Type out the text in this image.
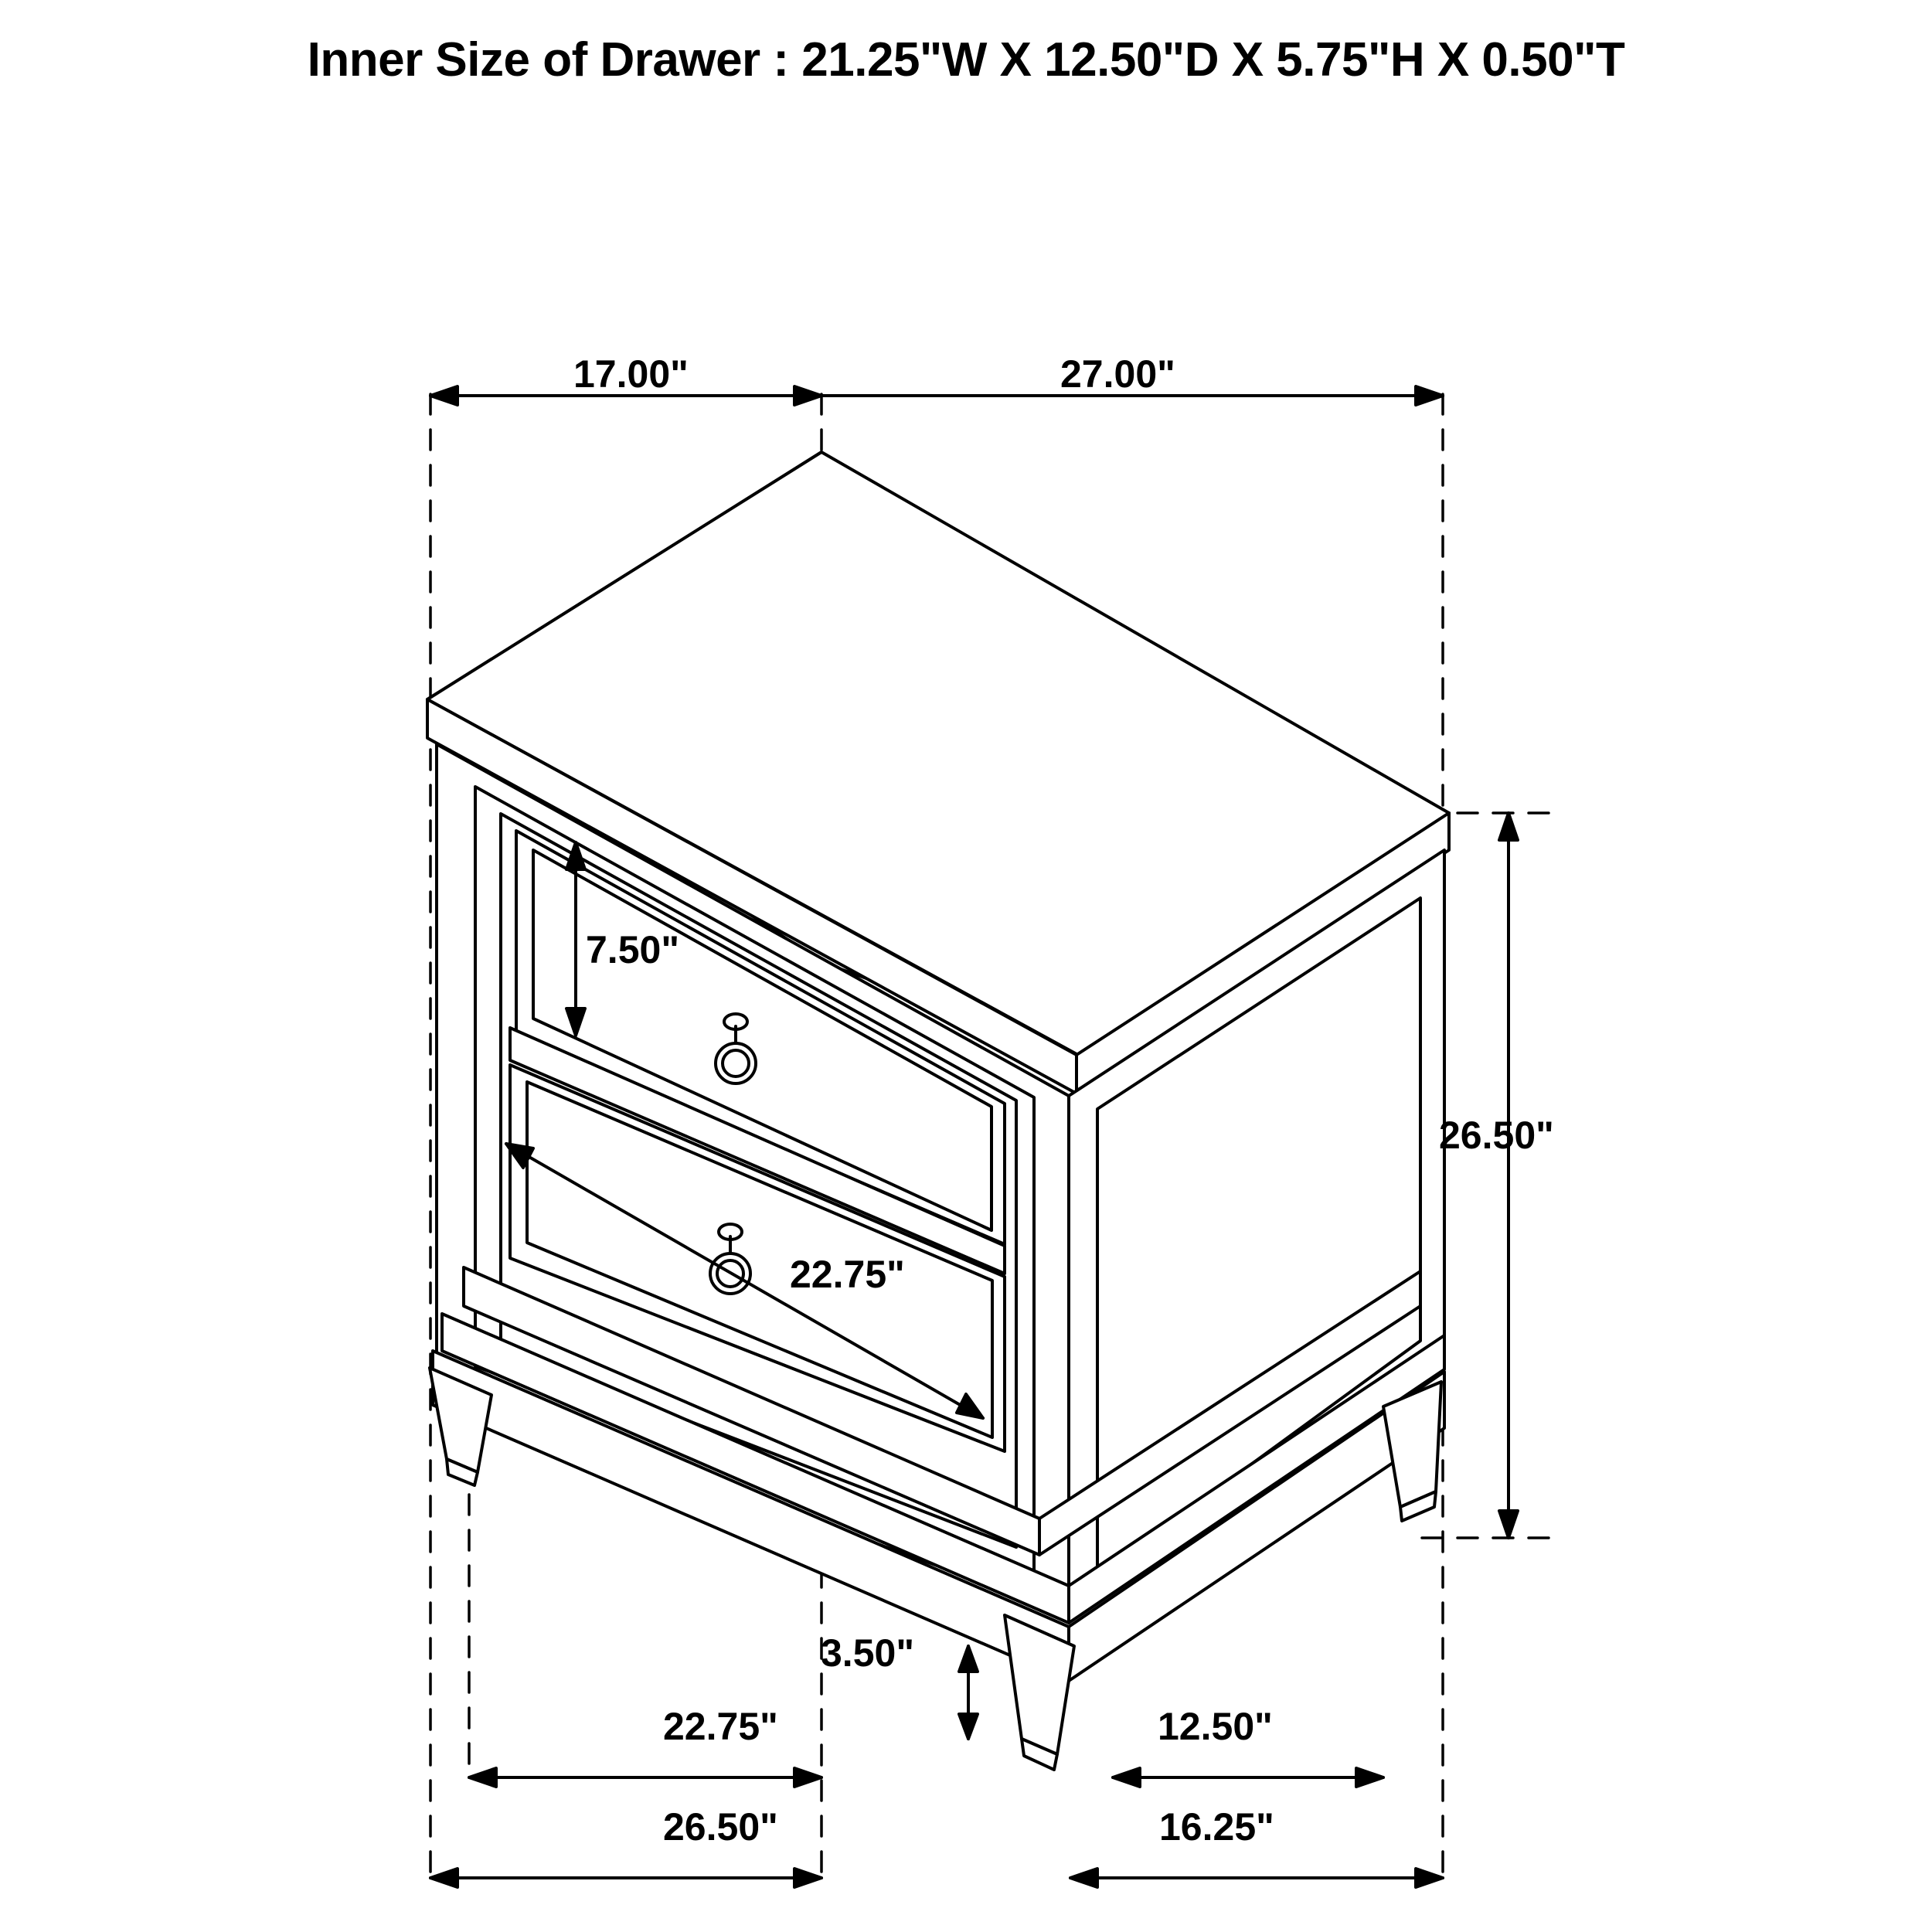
Inner Size of Drawer : 21.25"W X 12.50"D X 5.75"H X 0.50"T
17.00"	27.00"
7.50"
26.50"
22.75"
3.50"
22.75"	12.50"
26.50"	16.25"
